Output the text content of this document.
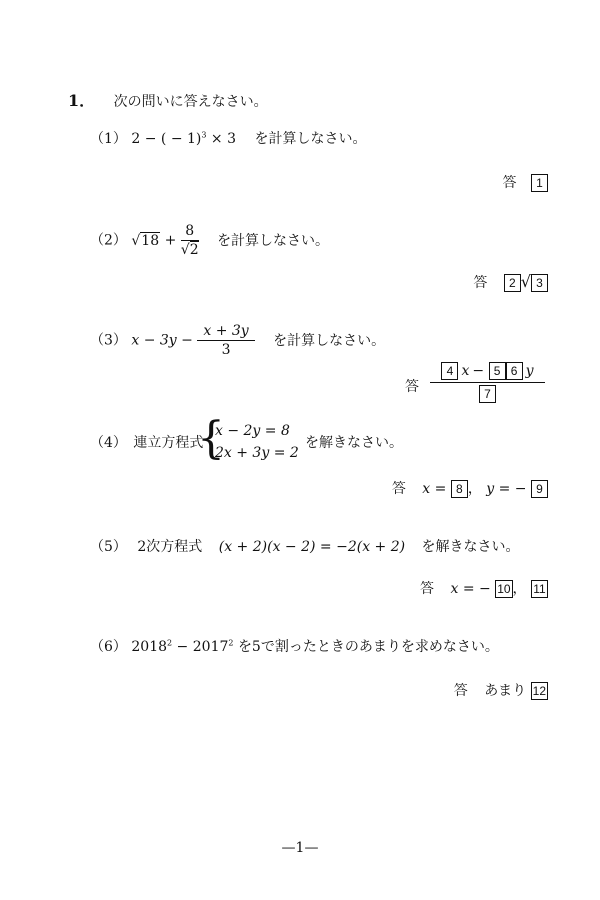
1． 次の問いに答えなさい。
（1） 2 − ( − 1)$^3$ × 3 を計算しなさい。
答 1
（2） $√18 + \frac{8}{√2}$ を計算しなさい。
答 2 √ 3
（3） $x - 3y - \frac{x + 3y}{3}$ を計算しなさい。
答 $\frac{4 x - 5 6 y}{7}$
（4） 連立方程式
{
x − 2y = 8
2x + 3y = 2
を解きなさい。
答 x = 8 ， y = − 9
（5） 2次方程式 (x + 2)(x − 2) = −2(x + 2) を解きなさい。
答 x = − 10 ， 11
（6） $2018^2 - 2017^2$ を5で割ったときのあまりを求めなさい。
答 あまり 12
—1—
